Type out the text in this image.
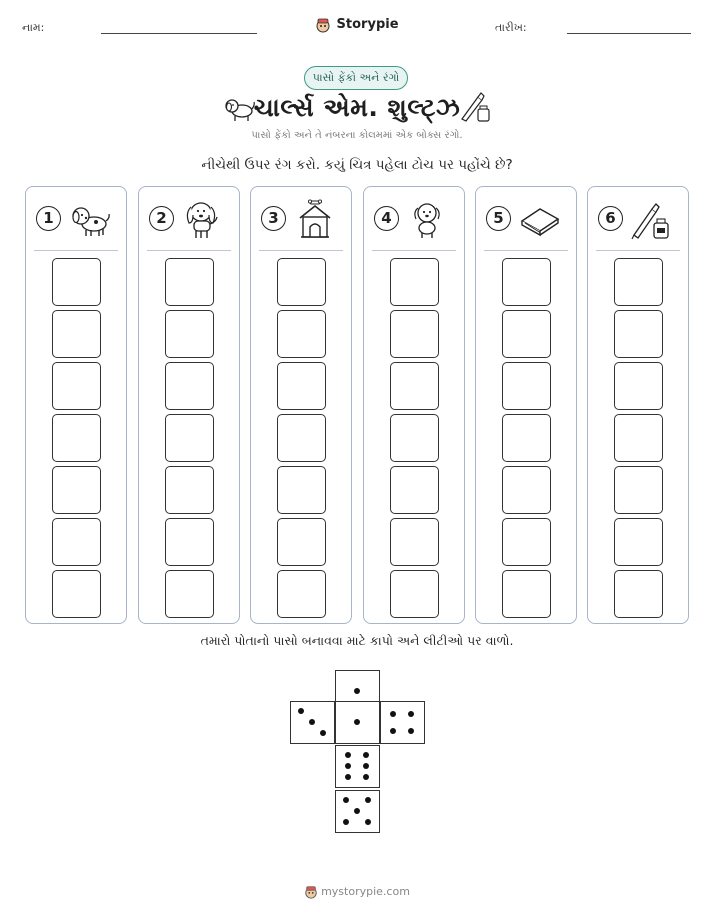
નામ:	Storypie	તારીખ:
પાસો ફેંકો અને રંગો
ચાર્લ્સ એમ. શુલ્ટ્ઝ
પાસો ફેંકો અને તે નંબરના કોલમમાં એક બોક્સ રંગો.
નીચેથી ઉપર રંગ કરો. કયું ચિત્ર પહેલા ટોચ પર પહોંચે છે?
1	2	3	4	5	6
તમારો પોતાનો પાસો બનાવવા માટે કાપો અને લીટીઓ પર વાળો.
mystorypie.com
